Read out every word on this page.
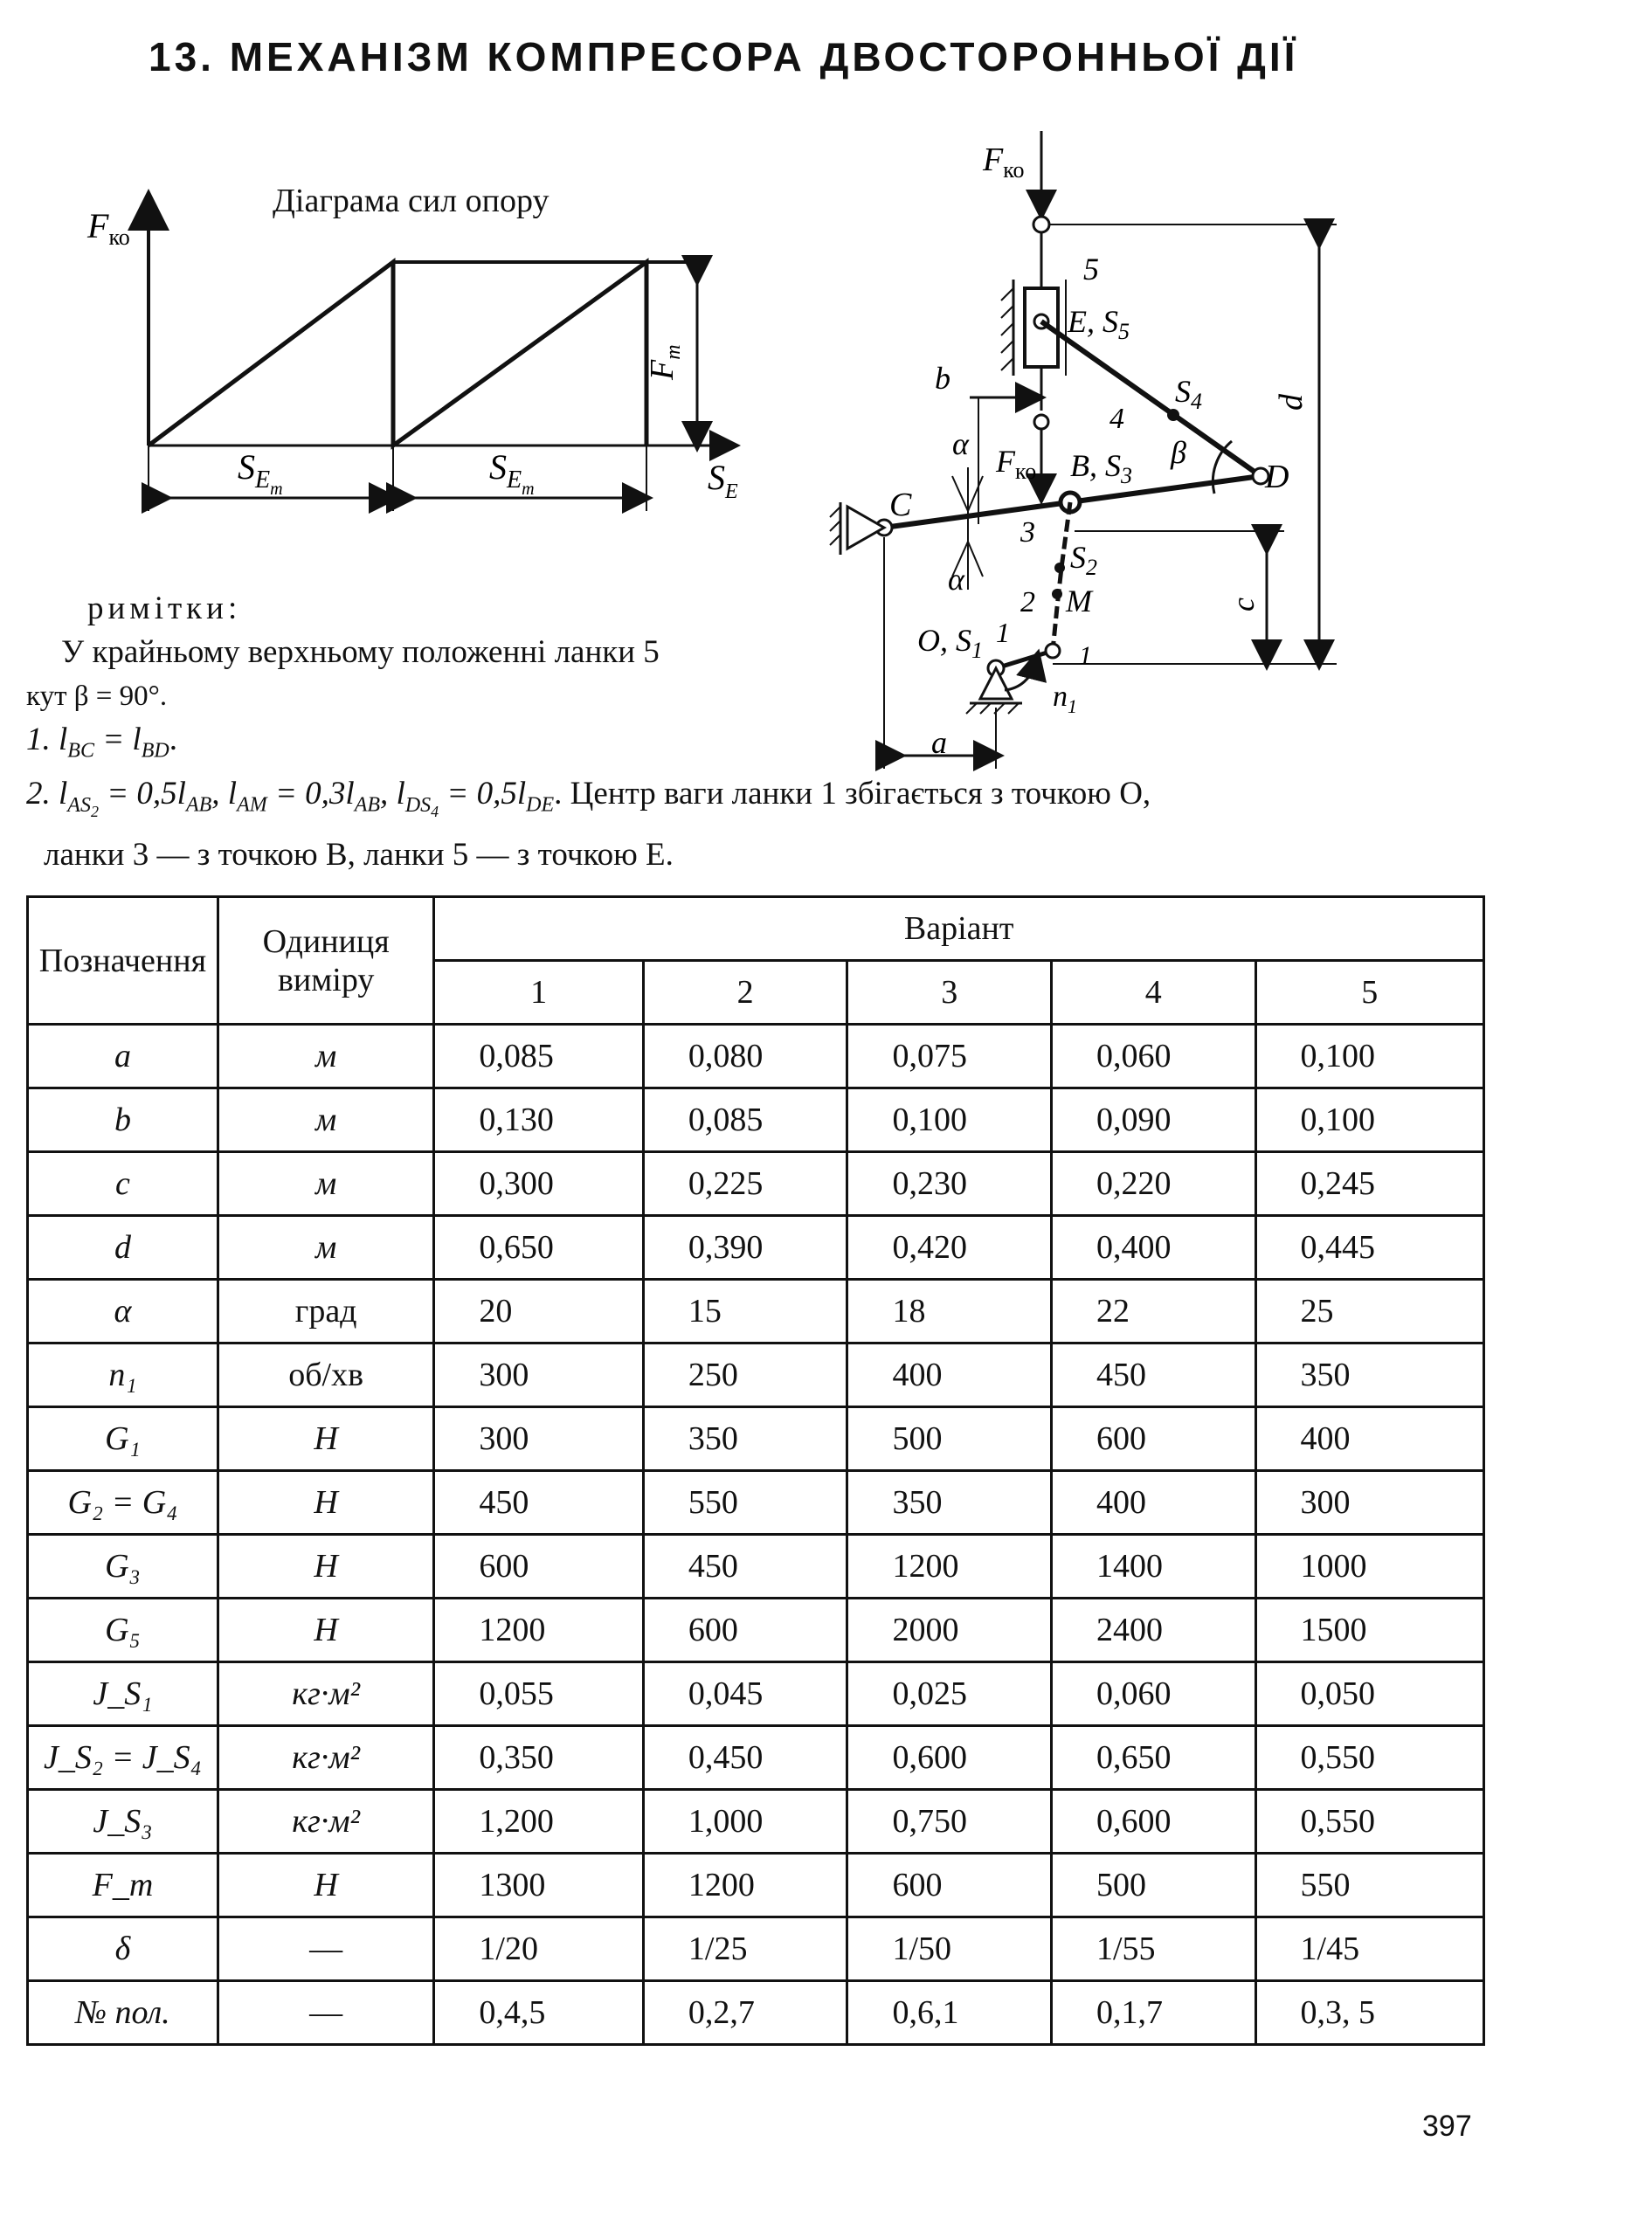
13. МЕХАНІЗМ КОМПРЕСОРА ДВОСТОРОННЬОЇ ДІЇ
Діаграма сил опору
$F_{ко}$
$S_E$
$S_{Em}$
$S_{Em}$
$F_m$
$F_{ко}$
5
E, $S_5$
$S_4$
4
d
b
α $F_{ко}$ B, $S_3$
β
D
C
3
α
$S_2$
2 M	c
O, $S_1$
1
1
$n_1$
a
римітки:
У крайньому верхньому положенні ланки 5
кут β = 90°.
1. $l_{BC} = l_{BD}$.
2. $l_{AS_2} = 0,5l_{AB}$, $l_{AM} = 0,3l_{AB}$, $l_{DS_4} = 0,5l_{DE}$. Центр ваги ланки 1 збігається з точкою O,
ланки 3 — з точкою B, ланки 5 — з точкою E.
Позначення	Одиниця виміру	Варіант				
		1	2	3	4	5
a	м	0,085	0,080	0,075	0,060	0,100
b	м	0,130	0,085	0,100	0,090	0,100
c	м	0,300	0,225	0,230	0,220	0,245
d	м	0,650	0,390	0,420	0,400	0,445
α	град	20	15	18	22	25
n₁	об/хв	300	250	400	450	350
G₁	Н	300	350	500	600	400
G₂ = G₄	Н	450	550	350	400	300
G₃	Н	600	450	1200	1400	1000
G₅	Н	1200	600	2000	2400	1500
J_S₁	кг·м²	0,055	0,045	0,025	0,060	0,050
J_S₂ = J_S₄	кг·м²	0,350	0,450	0,600	0,650	0,550
J_S₃	кг·м²	1,200	1,000	0,750	0,600	0,550
F_m	Н	1300	1200	600	500	550
δ	—	1/20	1/25	1/50	1/55	1/45
№ пол.	—	0,4,5	0,2,7	0,6,1	0,1,7	0,3, 5
397
